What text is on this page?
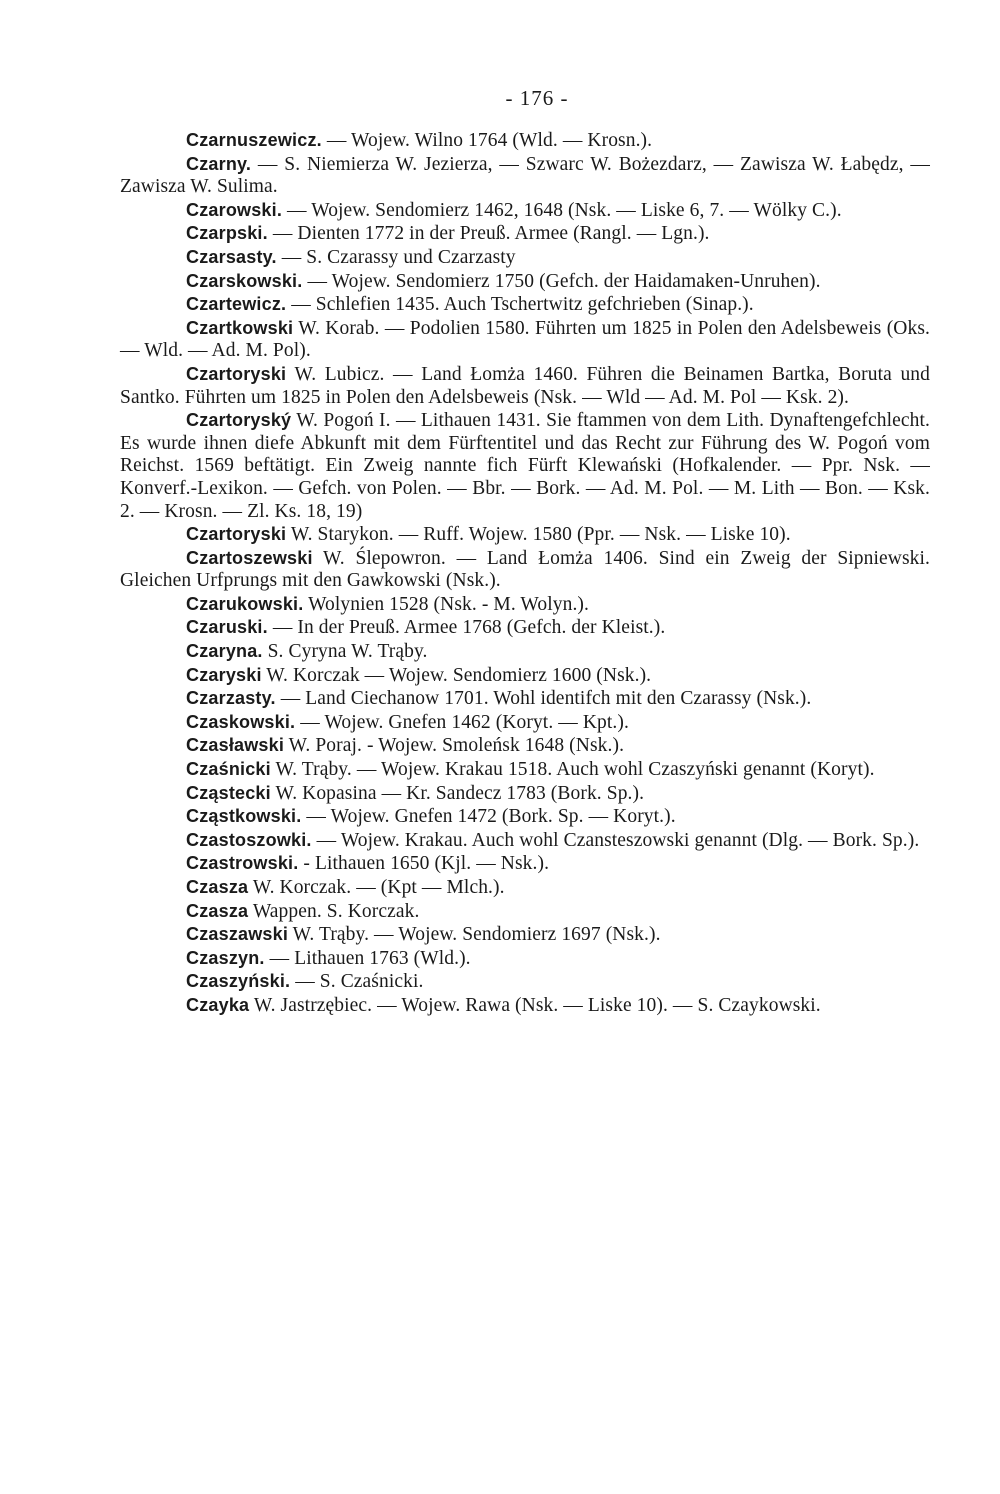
- 176 -

Czarnuszewicz. — Wojew. Wilno 1764 (Wld. — Krosn.).

Czarny. — S. Niemierza W. Jezierza, — Szwarc W. Bożezdarz, — Zawisza W. Łabędz, — Zawisza W. Sulima.

Czarowski. — Wojew. Sendomierz 1462, 1648 (Nsk. — Liske 6, 7. — Wölky C.).

Czarpski. — Dienten 1772 in der Preuß. Armee (Rangl. — Lgn.).

Czarsasty. — S. Czarassy und Czarzasty

Czarskowski. — Wojew. Sendomierz 1750 (Gefch. der Haidamaken-Unruhen).

Czartewicz. — Schlefien 1435. Auch Tschertwitz gefchrieben (Sinap.).

Czartkowski W. Korab. — Podolien 1580. Führten um 1825 in Polen den Adelsbeweis (Oks. — Wld. — Ad. M. Pol).

Czartoryski W. Lubicz. — Land Łomża 1460. Führen die Beinamen Bartka, Boruta und Santko. Führten um 1825 in Polen den Adelsbeweis (Nsk. — Wld — Ad. M. Pol — Ksk. 2).

Czartoryský W. Pogoń I. — Lithauen 1431. Sie ftammen von dem Lith. Dynaftengefchlecht. Es wurde ihnen diefe Abkunft mit dem Fürftentitel und das Recht zur Führung des W. Pogoń vom Reichst. 1569 beftätigt. Ein Zweig nannte fich Fürft Klewański (Hofkalender. — Ppr. Nsk. — Konverf.-Lexikon. — Gefch. von Polen. — Bbr. — Bork. — Ad. M. Pol. — M. Lith — Bon. — Ksk. 2. — Krosn. — Zl. Ks. 18, 19)

Czartoryski W. Starykon. — Ruff. Wojew. 1580 (Ppr. — Nsk. — Liske 10).

Czartoszewski W. Ślepowron. — Land Łomża 1406. Sind ein Zweig der Sipniewski. Gleichen Urfprungs mit den Gawkowski (Nsk.).

Czarukowski. Wolynien 1528 (Nsk. - M. Wolyn.).

Czaruski. — In der Preuß. Armee 1768 (Gefch. der Kleist.).

Czaryna. S. Cyryna W. Trąby.

Czaryski W. Korczak — Wojew. Sendomierz 1600 (Nsk.).

Czarzasty. — Land Ciechanow 1701. Wohl identifch mit den Czarassy (Nsk.).

Czaskowski. — Wojew. Gnefen 1462 (Koryt. — Kpt.).

Czasławski W. Poraj. - Wojew. Smoleńsk 1648 (Nsk.).

Czaśnicki W. Trąby. — Wojew. Krakau 1518. Auch wohl Czaszyński genannt (Koryt).

Cząstecki W. Kopasina — Kr. Sandecz 1783 (Bork. Sp.).

Cząstkowski. — Wojew. Gnefen 1472 (Bork. Sp. — Koryt.).

Czastoszowki. — Wojew. Krakau. Auch wohl Czansteszowski genannt (Dlg. — Bork. Sp.).

Czastrowski. - Lithauen 1650 (Kjl. — Nsk.).

Czasza W. Korczak. — (Kpt — Mlch.).

Czasza Wappen. S. Korczak.

Czaszawski W. Trąby. — Wojew. Sendomierz 1697 (Nsk.).

Czaszyn. — Lithauen 1763 (Wld.).

Czaszyński. — S. Czaśnicki.

Czayka W. Jastrzębiec. — Wojew. Rawa (Nsk. — Liske 10). — S. Czaykowski.
